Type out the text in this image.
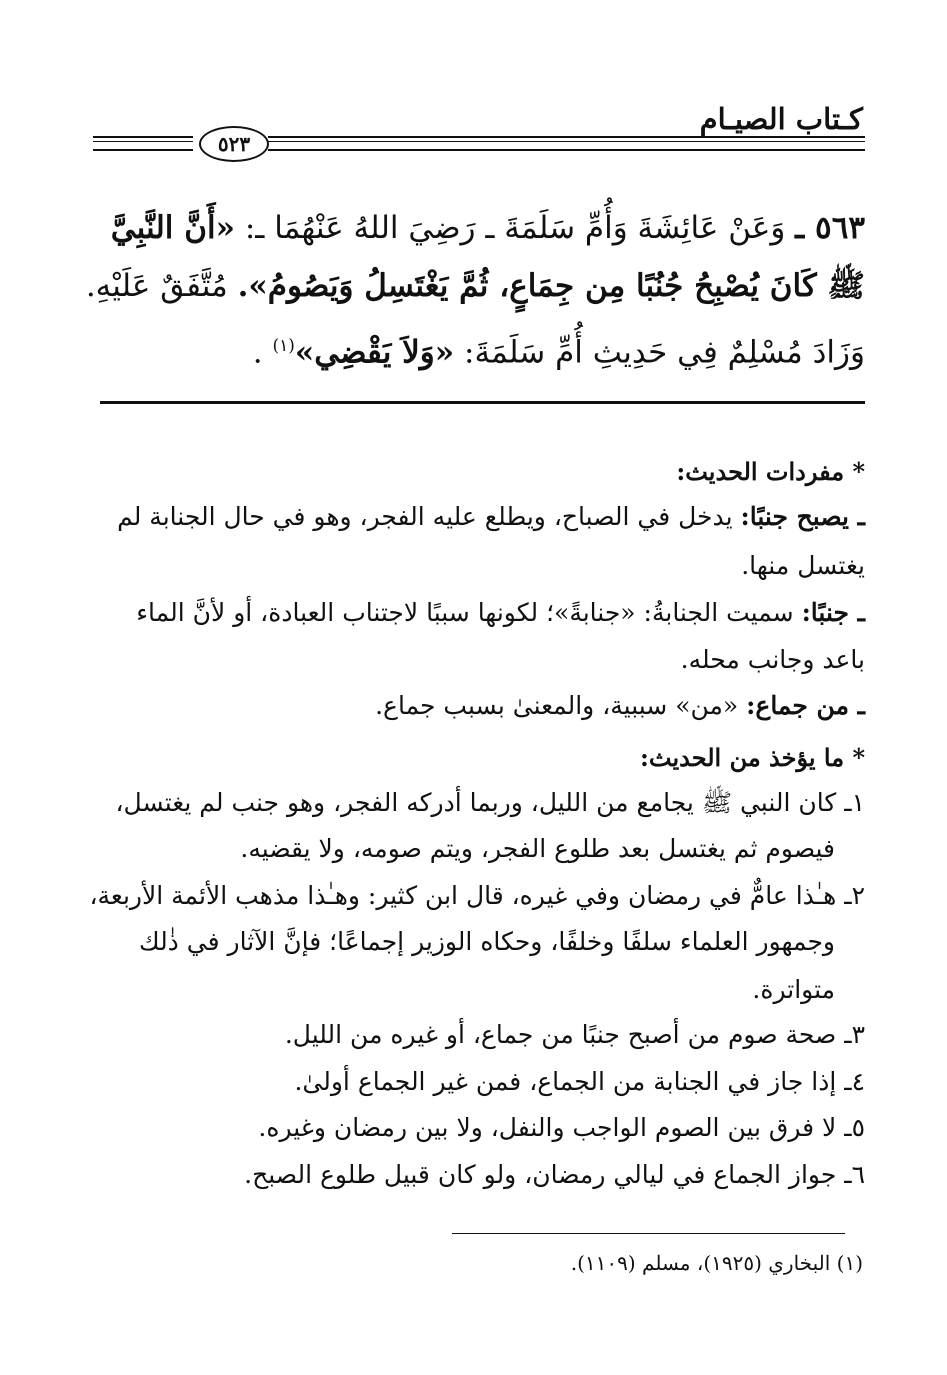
كـتاب الصيـام
٥٢٣
٥٦٣ ـ وَعَنْ عَائِشَةَ وَأُمِّ سَلَمَةَ ـ رَضِيَ اللهُ عَنْهُمَا ـ: «أَنَّ النَّبِيَّ
ﷺ كَانَ يُصْبِحُ جُنُبًا مِن جِمَاعٍ، ثُمَّ يَغْتَسِلُ وَيَصُومُ». مُتَّفَقٌ عَلَيْهِ.
وَزَادَ مُسْلِمٌ فِي حَدِيثِ أُمِّ سَلَمَةَ: «وَلاَ يَقْضِي»$^{(١)}$ .
* مفردات الحديث:
ـ يصبح جنبًا: يدخل في الصباح، ويطلع عليه الفجر، وهو في حال الجنابة لم
يغتسل منها.
ـ جنبًا: سميت الجنابةُ: «جنابةً»؛ لكونها سببًا لاجتناب العبادة، أو لأنَّ الماء
باعد وجانب محله.
ـ من جماع: «من» سببية، والمعنىٰ بسبب جماع.
* ما يؤخذ من الحديث:
١ـ كان النبي ﷺ يجامع من الليل، وربما أدركه الفجر، وهو جنب لم يغتسل،
فيصوم ثم يغتسل بعد طلوع الفجر، ويتم صومه، ولا يقضيه.
٢ـ هـٰذا عامٌّ في رمضان وفي غيره، قال ابن كثير: وهـٰذا مذهب الأئمة الأربعة،
وجمهور العلماء سلفًا وخلفًا، وحكاه الوزير إجماعًا؛ فإنَّ الآثار في ذٰلك
متواترة.
٣ـ صحة صوم من أصبح جنبًا من جماع، أو غيره من الليل.
٤ـ إذا جاز في الجنابة من الجماع، فمن غير الجماع أولىٰ.
٥ـ لا فرق بين الصوم الواجب والنفل، ولا بين رمضان وغيره.
٦ـ جواز الجماع في ليالي رمضان، ولو كان قبيل طلوع الصبح.
(١) البخاري (١٩٢٥)، مسلم (١١٠٩).
